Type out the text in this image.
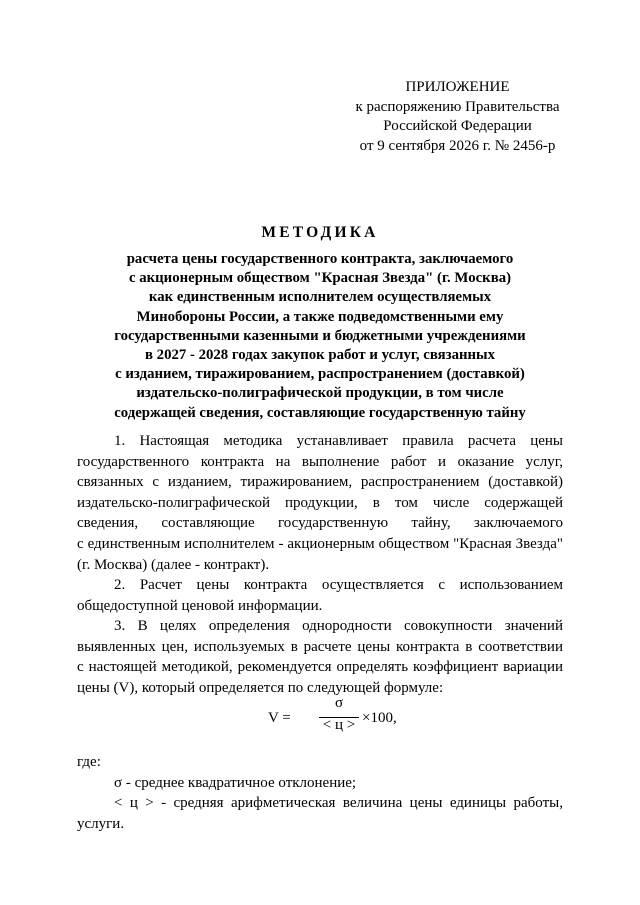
ПРИЛОЖЕНИЕ
к распоряжению Правительства
Российской Федерации
от 9 сентября 2026 г. № 2456-р
МЕТОДИКА
расчета цены государственного контракта, заключаемого
с акционерным обществом "Красная Звезда" (г. Москва)
как единственным исполнителем осуществляемых
Минобороны России, а также подведомственными ему
государственными казенными и бюджетными учреждениями
в 2027 - 2028 годах закупок работ и услуг, связанных
с изданием, тиражированием, распространением (доставкой)
издательско-полиграфической продукции, в том числе
содержащей сведения, составляющие государственную тайну
1. Настоящая методика устанавливает правила расчета цены
государственного контракта на выполнение работ и оказание услуг,
связанных с изданием, тиражированием, распространением (доставкой)
издательско-полиграфической продукции, в том числе содержащей
сведения, составляющие государственную тайну, заключаемого
с единственным исполнителем - акционерным обществом "Красная Звезда"
(г. Москва) (далее - контракт).
2. Расчет цены контракта осуществляется с использованием
общедоступной ценовой информации.
3. В целях определения однородности совокупности значений
выявленных цен, используемых в расчете цены контракта в соответствии
с настоящей методикой, рекомендуется определять коэффициент вариации
цены (V), который определяется по следующей формуле:
V =
σ
< ц > ×100,
где:
σ - среднее квадратичное отклонение;
< ц > - средняя арифметическая величина цены единицы работы,
услуги.
